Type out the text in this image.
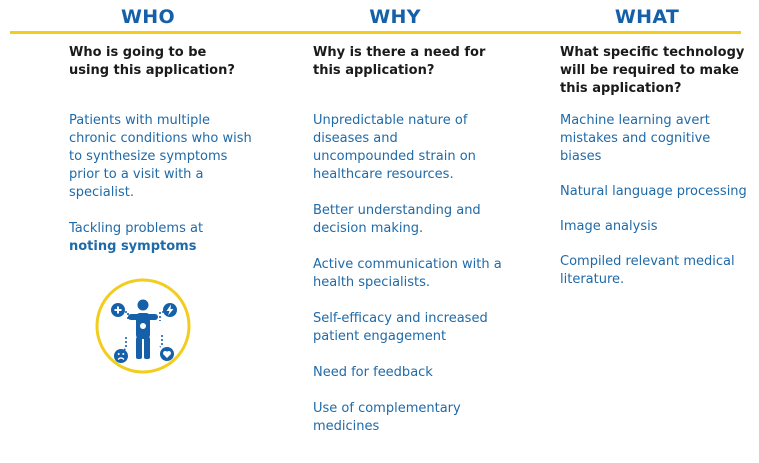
WHO	WHY	WHAT

Who is going to be using this application?

Patients with multiple chronic conditions who wish to synthesize symptoms prior to a visit with a specialist.
Tackling problems at noting symptoms

Why is there a need for this application?

Unpredictable nature of diseases and uncompounded strain on healthcare resources.
Better understanding and decision making.
Active communication with a health specialists.
Self-efficacy and increased patient engagement
Need for feedback
Use of complementary medicines

What specific technology will be required to make this application?

Machine learning avert mistakes and cognitive biases
Natural language processing
Image analysis
Compiled relevant medical literature.
